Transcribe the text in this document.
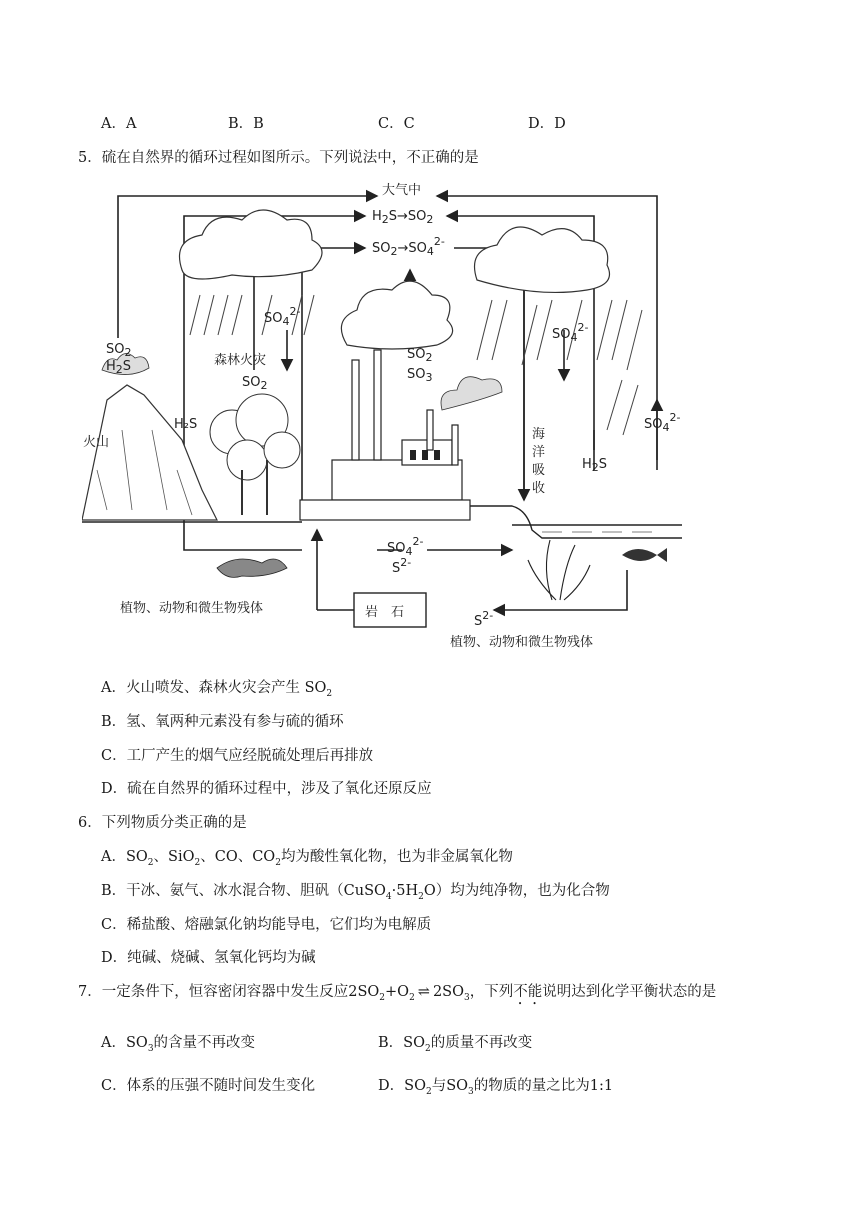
A．A	B．B	C．C	D．D
5．硫在自然界的循环过程如图所示。下列说法中，不正确的是
大气中
$H_2S\to SO_2$
$SO_2\to SO_4^{2-}$
$SO_2$
$H_2S$
火山
$SO_4^{2-}$
森林火灾
$SO_2$
H₂S
$SO_2$
$SO_3$
$SO_4^{2-}$
海
洋
吸
收
$H_2S$
$SO_4^{2-}$
$SO_4^{2-}$
$S^{2-}$
植物、动物和微生物残体	岩　石
$S^{2-}$
植物、动物和微生物残体
A．火山喷发、森林火灾会产生 $SO_2$
B．氢、氧两种元素没有参与硫的循环
C．工厂产生的烟气应经脱硫处理后再排放
D．硫在自然界的循环过程中，涉及了氧化还原反应
6．下列物质分类正确的是
A．$SO_2$、SiO$_2$、CO、$CO_2$均为酸性氧化物，也为非金属氧化物
B．干冰、氨气、冰水混合物、胆矾$(CuSO_4\cdot 5H_2O)$均为纯净物，也为化合物
C．稀盐酸、熔融氯化钠均能导电，它们均为电解质
D．纯碱、烧碱、氢氧化钙均为碱
7．一定条件下，恒容密闭容器中发生反应$2SO_2+O_2$ ⇌ $2SO_3$，下列不能说明达到化学平衡状态的是
A．$SO_3$的含量不再改变	B．$SO_2$的质量不再改变
C．体系的压强不随时间发生变化	D．$SO_2$与$SO_3$的物质的量之比为1:1
